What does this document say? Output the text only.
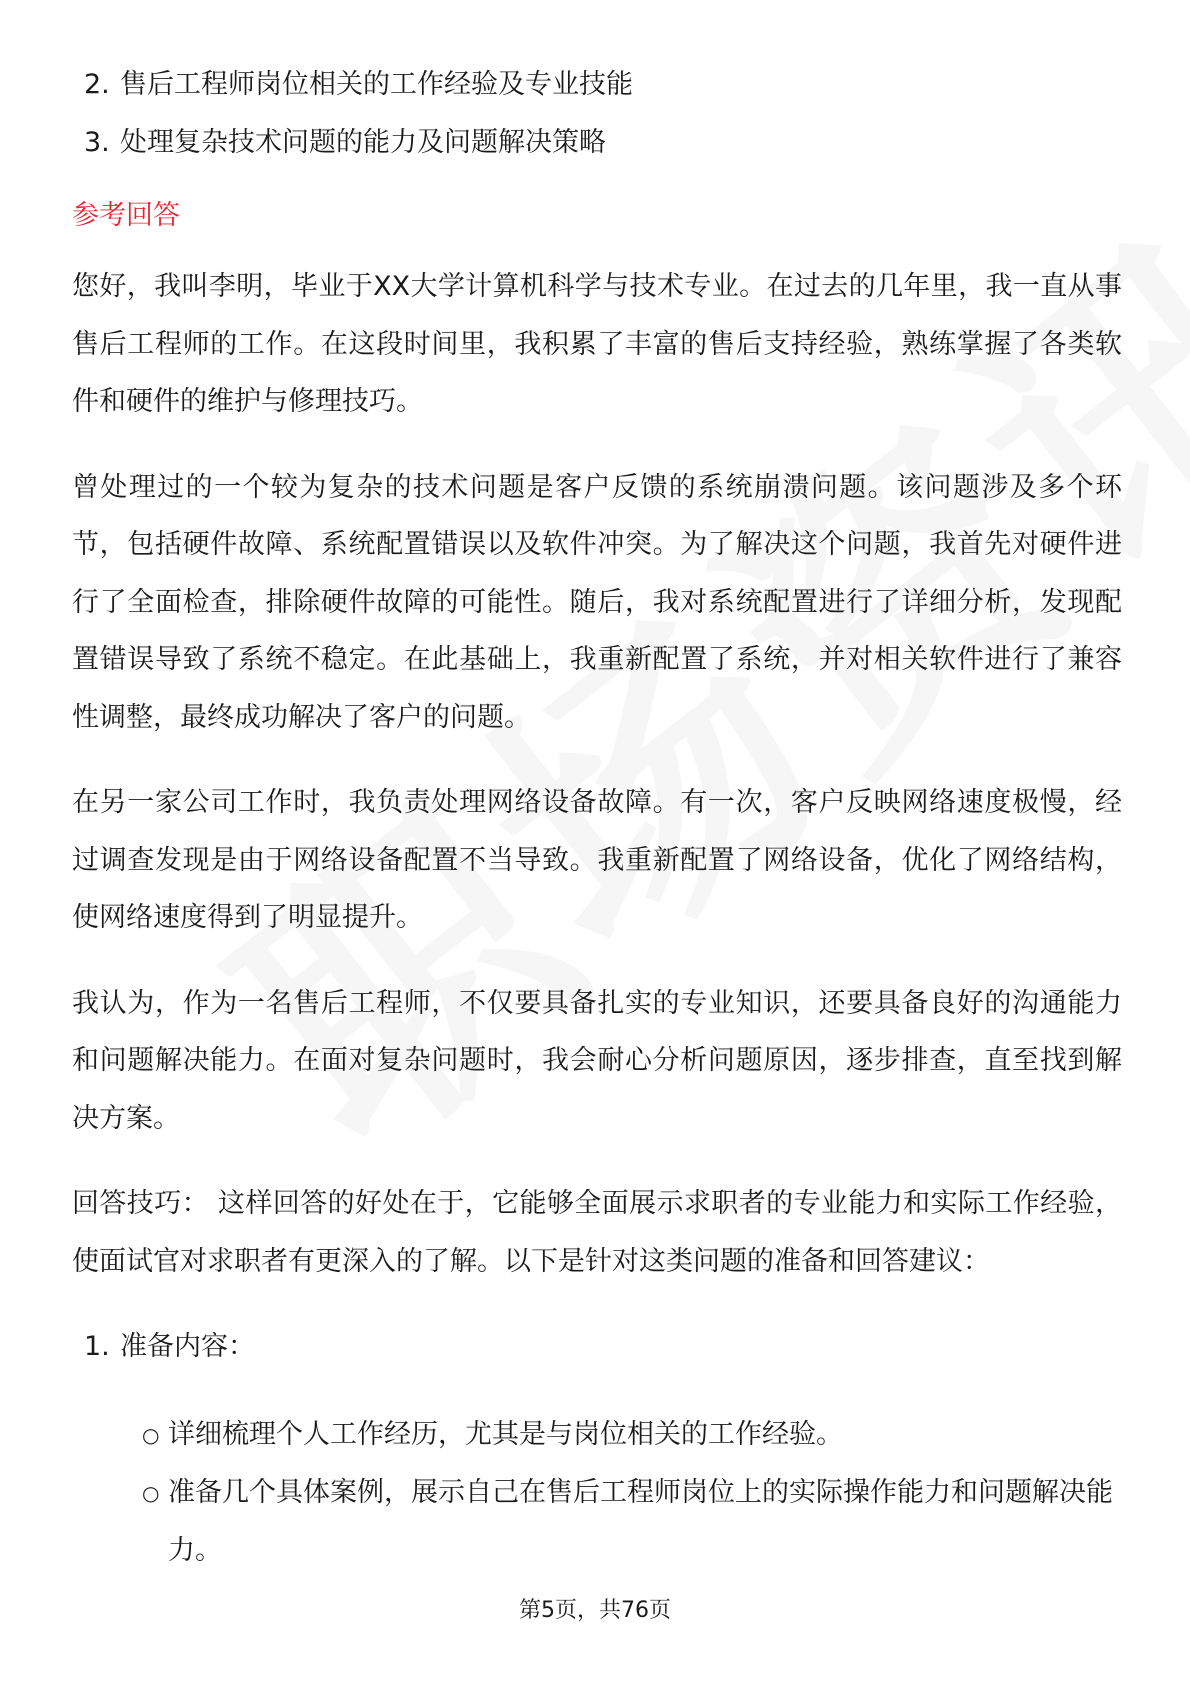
2. 售后工程师岗位相关的工作经验及专业技能
3. 处理复杂技术问题的能力及问题解决策略
参考回答

您好，我叫李明，毕业于XX大学计算机科学与技术专业。在过去的几年里，我一直从事售后工程师的工作。在这段时间里，我积累了丰富的售后支持经验，熟练掌握了各类软件和硬件的维护与修理技巧。

曾处理过的一个较为复杂的技术问题是客户反馈的系统崩溃问题。该问题涉及多个环节，包括硬件故障、系统配置错误以及软件冲突。为了解决这个问题，我首先对硬件进行了全面检查，排除硬件故障的可能性。随后，我对系统配置进行了详细分析，发现配置错误导致了系统不稳定。在此基础上，我重新配置了系统，并对相关软件进行了兼容性调整，最终成功解决了客户的问题。

在另一家公司工作时，我负责处理网络设备故障。有一次，客户反映网络速度极慢，经过调查发现是由于网络设备配置不当导致。我重新配置了网络设备，优化了网络结构，使网络速度得到了明显提升。

我认为，作为一名售后工程师，不仅要具备扎实的专业知识，还要具备良好的沟通能力和问题解决能力。在面对复杂问题时，我会耐心分析问题原因，逐步排查，直至找到解决方案。

回答技巧： 这样回答的好处在于，它能够全面展示求职者的专业能力和实际工作经验，使面试官对求职者有更深入的了解。以下是针对这类问题的准备和回答建议：

1. 准备内容：
○ 详细梳理个人工作经历，尤其是与岗位相关的工作经验。
○ 准备几个具体案例，展示自己在售后工程师岗位上的实际操作能力和问题解决能力。
第5页，共76页
